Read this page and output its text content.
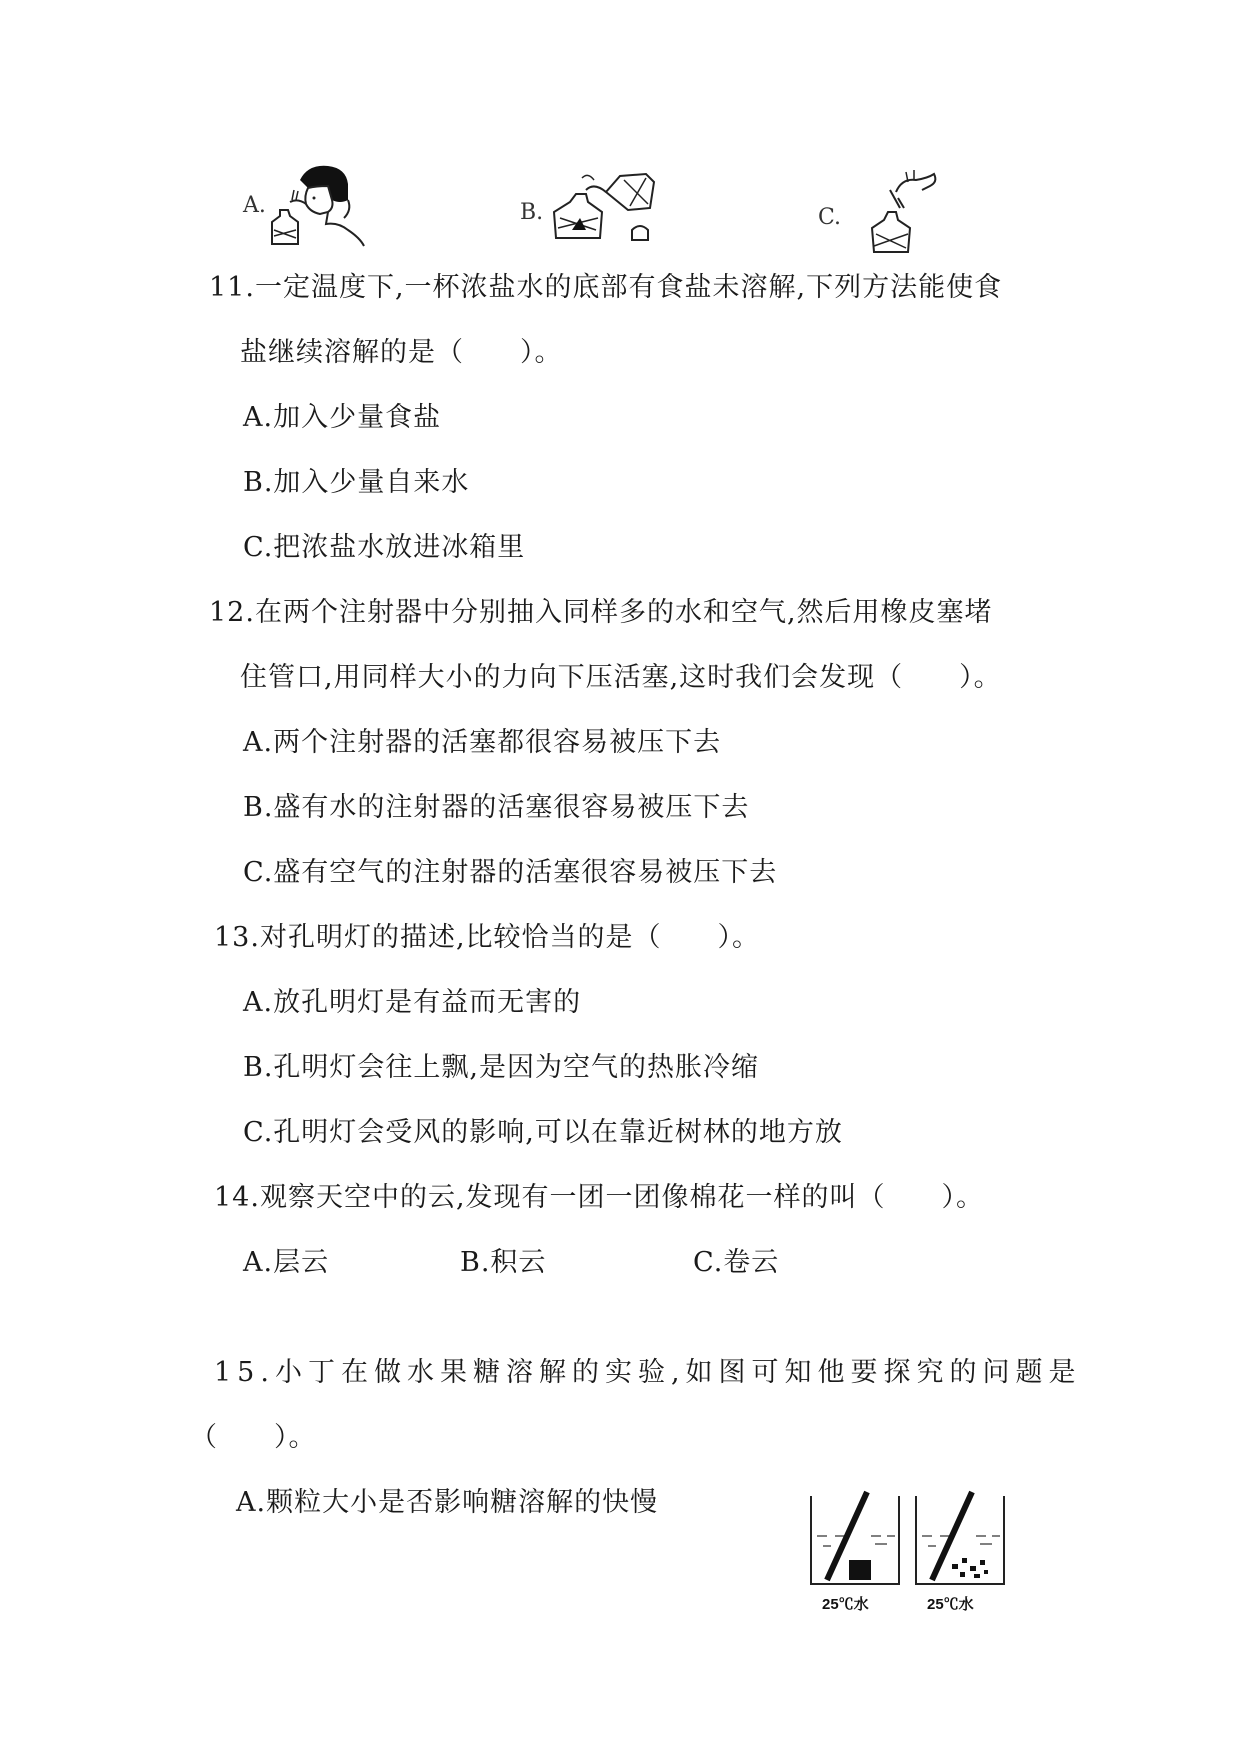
A.	B.	C.
11.一定温度下,一杯浓盐水的底部有食盐未溶解,下列方法能使食
盐继续溶解的是（　　）。
A.加入少量食盐
B.加入少量自来水
C.把浓盐水放进冰箱里
12.在两个注射器中分别抽入同样多的水和空气,然后用橡皮塞堵
住管口,用同样大小的力向下压活塞,这时我们会发现（　　）。
A.两个注射器的活塞都很容易被压下去
B.盛有水的注射器的活塞很容易被压下去
C.盛有空气的注射器的活塞很容易被压下去
13.对孔明灯的描述,比较恰当的是（　　）。
A.放孔明灯是有益而无害的
B.孔明灯会往上飘,是因为空气的热胀冷缩
C.孔明灯会受风的影响,可以在靠近树林的地方放
14.观察天空中的云,发现有一团一团像棉花一样的叫（　　）。
A.层云	B.积云	C.卷云
15.小丁在做水果糖溶解的实验,如图可知他要探究的问题是
（　　）。
A.颗粒大小是否影响糖溶解的快慢
25℃水	25℃水
